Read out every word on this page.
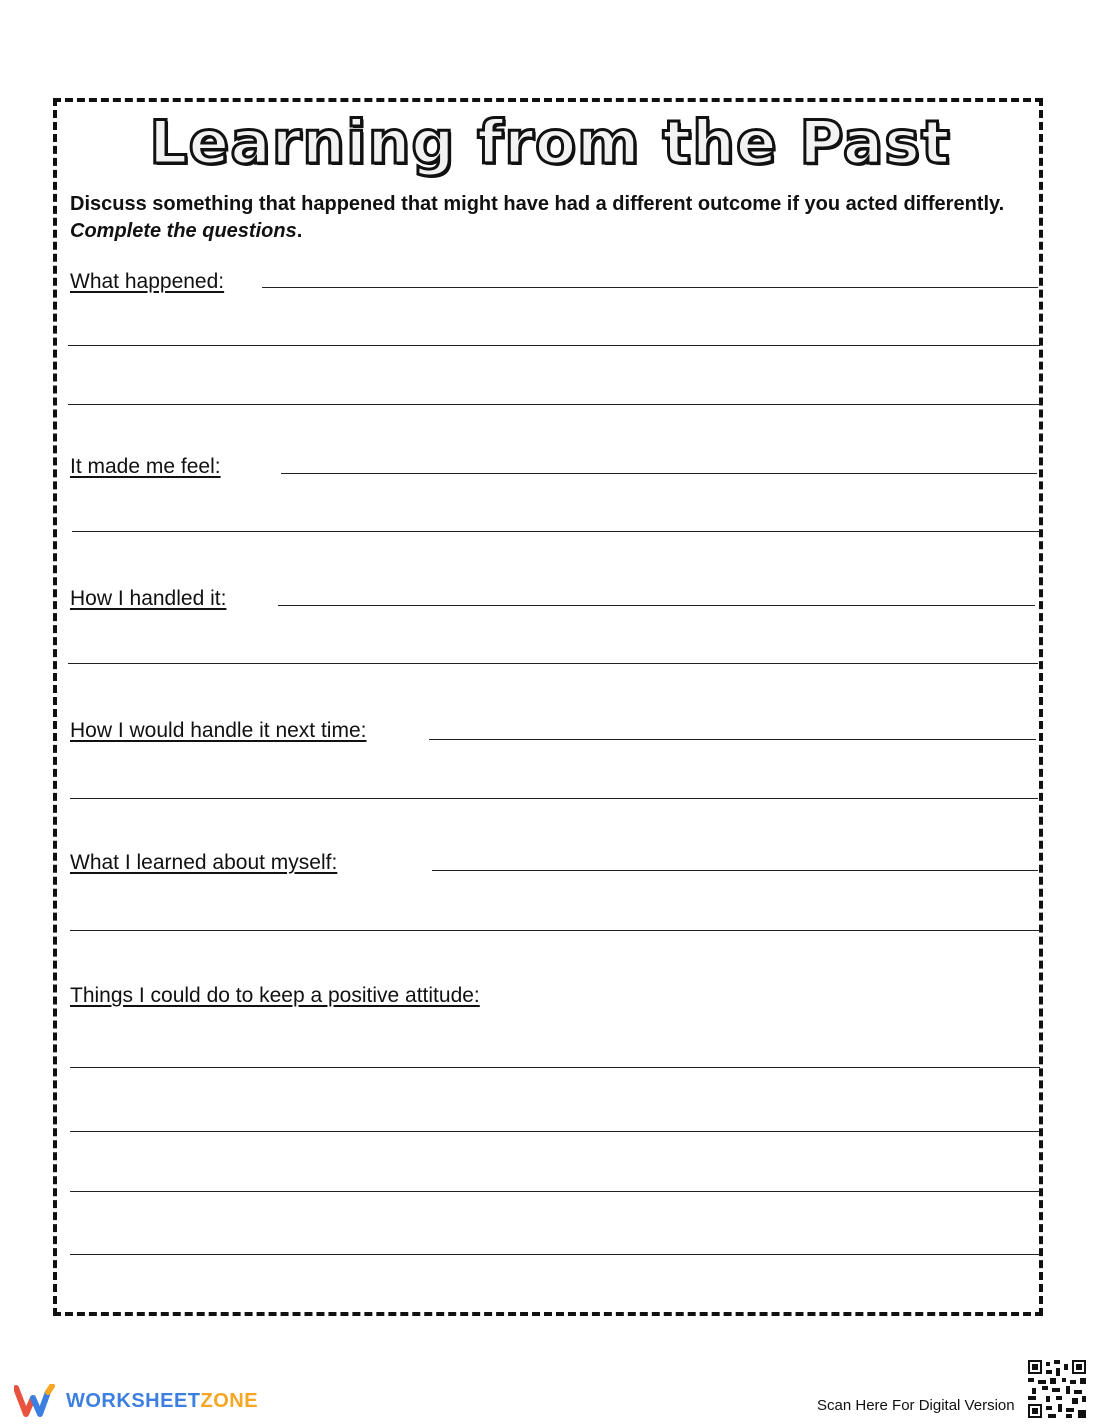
Learning from the Past
Discuss something that happened that might have had a different outcome if you acted differently. Complete the questions.
What happened:
It made me feel:
How I handled it:
How I would handle it next time:
What I learned about myself:
Things I could do to keep a positive attitude:
WORKSHEETZONE	Scan Here For Digital Version
